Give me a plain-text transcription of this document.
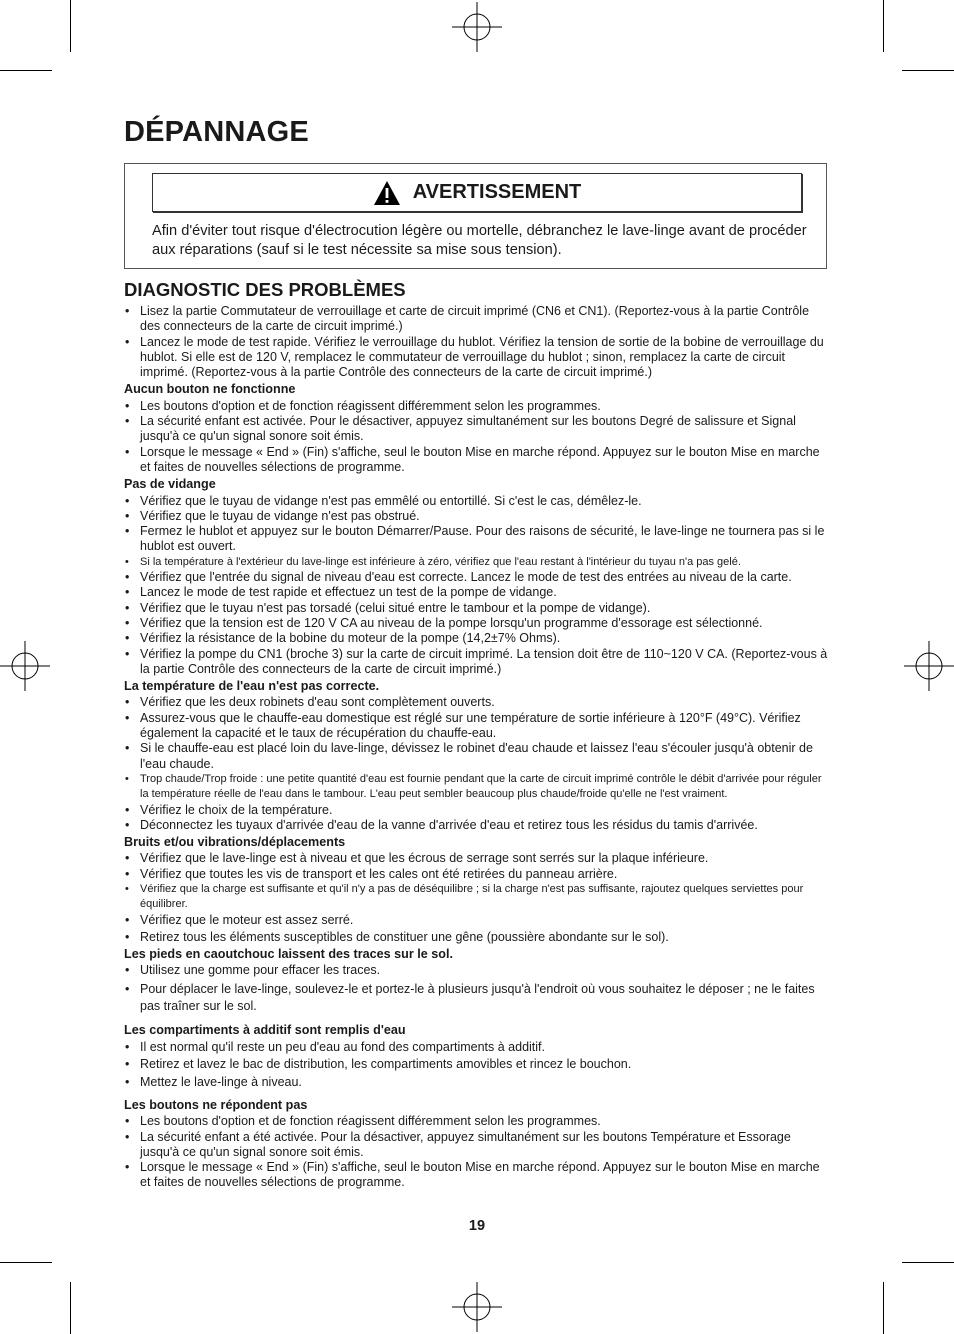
DÉPANNAGE
AVERTISSEMENT

Afin d'éviter tout risque d'électrocution légère ou mortelle, débranchez le lave-linge avant de procéder aux réparations (sauf si le test nécessite sa mise sous tension).

DIAGNOSTIC DES PROBLÈMES
• Lisez la partie Commutateur de verrouillage et carte de circuit imprimé (CN6 et CN1). (Reportez-vous à la partie Contrôle des connecteurs de la carte de circuit imprimé.)
• Lancez le mode de test rapide. Vérifiez le verrouillage du hublot. Vérifiez la tension de sortie de la bobine de verrouillage du hublot. Si elle est de 120 V, remplacez le commutateur de verrouillage du hublot ; sinon, remplacez la carte de circuit imprimé. (Reportez-vous à la partie Contrôle des connecteurs de la carte de circuit imprimé.)
Aucun bouton ne fonctionne
• Les boutons d'option et de fonction réagissent différemment selon les programmes.
• La sécurité enfant est activée. Pour le désactiver, appuyez simultanément sur les boutons Degré de salissure et Signal jusqu'à ce qu'un signal sonore soit émis.
• Lorsque le message « End » (Fin) s'affiche, seul le bouton Mise en marche répond. Appuyez sur le bouton Mise en marche et faites de nouvelles sélections de programme.
Pas de vidange
• Vérifiez que le tuyau de vidange n'est pas emmêlé ou entortillé. Si c'est le cas, démêlez-le.
• Vérifiez que le tuyau de vidange n'est pas obstrué.
• Fermez le hublot et appuyez sur le bouton Démarrer/Pause. Pour des raisons de sécurité, le lave-linge ne tournera pas si le hublot est ouvert.
• Si la température à l'extérieur du lave-linge est inférieure à zéro, vérifiez que l'eau restant à l'intérieur du tuyau n'a pas gelé.
• Vérifiez que l'entrée du signal de niveau d'eau est correcte. Lancez le mode de test des entrées au niveau de la carte.
• Lancez le mode de test rapide et effectuez un test de la pompe de vidange.
• Vérifiez que le tuyau n'est pas torsadé (celui situé entre le tambour et la pompe de vidange).
• Vérifiez que la tension est de 120 V CA au niveau de la pompe lorsqu'un programme d'essorage est sélectionné.
• Vérifiez la résistance de la bobine du moteur de la pompe (14,2±7% Ohms).
• Vérifiez la pompe du CN1 (broche 3) sur la carte de circuit imprimé. La tension doit être de 110~120 V CA. (Reportez-vous à la partie Contrôle des connecteurs de la carte de circuit imprimé.)
La température de l'eau n'est pas correcte.
• Vérifiez que les deux robinets d'eau sont complètement ouverts.
• Assurez-vous que le chauffe-eau domestique est réglé sur une température de sortie inférieure à 120°F (49°C). Vérifiez également la capacité et le taux de récupération du chauffe-eau.
• Si le chauffe-eau est placé loin du lave-linge, dévissez le robinet d'eau chaude et laissez l'eau s'écouler jusqu'à obtenir de l'eau chaude.
• Trop chaude/Trop froide : une petite quantité d'eau est fournie pendant que la carte de circuit imprimé contrôle le débit d'arrivée pour réguler la température réelle de l'eau dans le tambour. L'eau peut sembler beaucoup plus chaude/froide qu'elle ne l'est vraiment.
• Vérifiez le choix de la température.
• Déconnectez les tuyaux d'arrivée d'eau de la vanne d'arrivée d'eau et retirez tous les résidus du tamis d'arrivée.
Bruits et/ou vibrations/déplacements
• Vérifiez que le lave-linge est à niveau et que les écrous de serrage sont serrés sur la plaque inférieure.
• Vérifiez que toutes les vis de transport et les cales ont été retirées du panneau arrière.
• Vérifiez que la charge est suffisante et qu'il n'y a pas de déséquilibre ; si la charge n'est pas suffisante, rajoutez quelques serviettes pour équilibrer.
• Vérifiez que le moteur est assez serré.
• Retirez tous les éléments susceptibles de constituer une gêne (poussière abondante sur le sol).
Les pieds en caoutchouc laissent des traces sur le sol.
• Utilisez une gomme pour effacer les traces.
• Pour déplacer le lave-linge, soulevez-le et portez-le à plusieurs jusqu'à l'endroit où vous souhaitez le déposer ; ne le faites pas traîner sur le sol.
Les compartiments à additif sont remplis d'eau
• Il est normal qu'il reste un peu d'eau au fond des compartiments à additif.
• Retirez et lavez le bac de distribution, les compartiments amovibles et rincez le bouchon.
• Mettez le lave-linge à niveau.
Les boutons ne répondent pas
• Les boutons d'option et de fonction réagissent différemment selon les programmes.
• La sécurité enfant a été activée. Pour la désactiver, appuyez simultanément sur les boutons Température et Essorage jusqu'à ce qu'un signal sonore soit émis.
• Lorsque le message « End » (Fin) s'affiche, seul le bouton Mise en marche répond. Appuyez sur le bouton Mise en marche et faites de nouvelles sélections de programme.
19
